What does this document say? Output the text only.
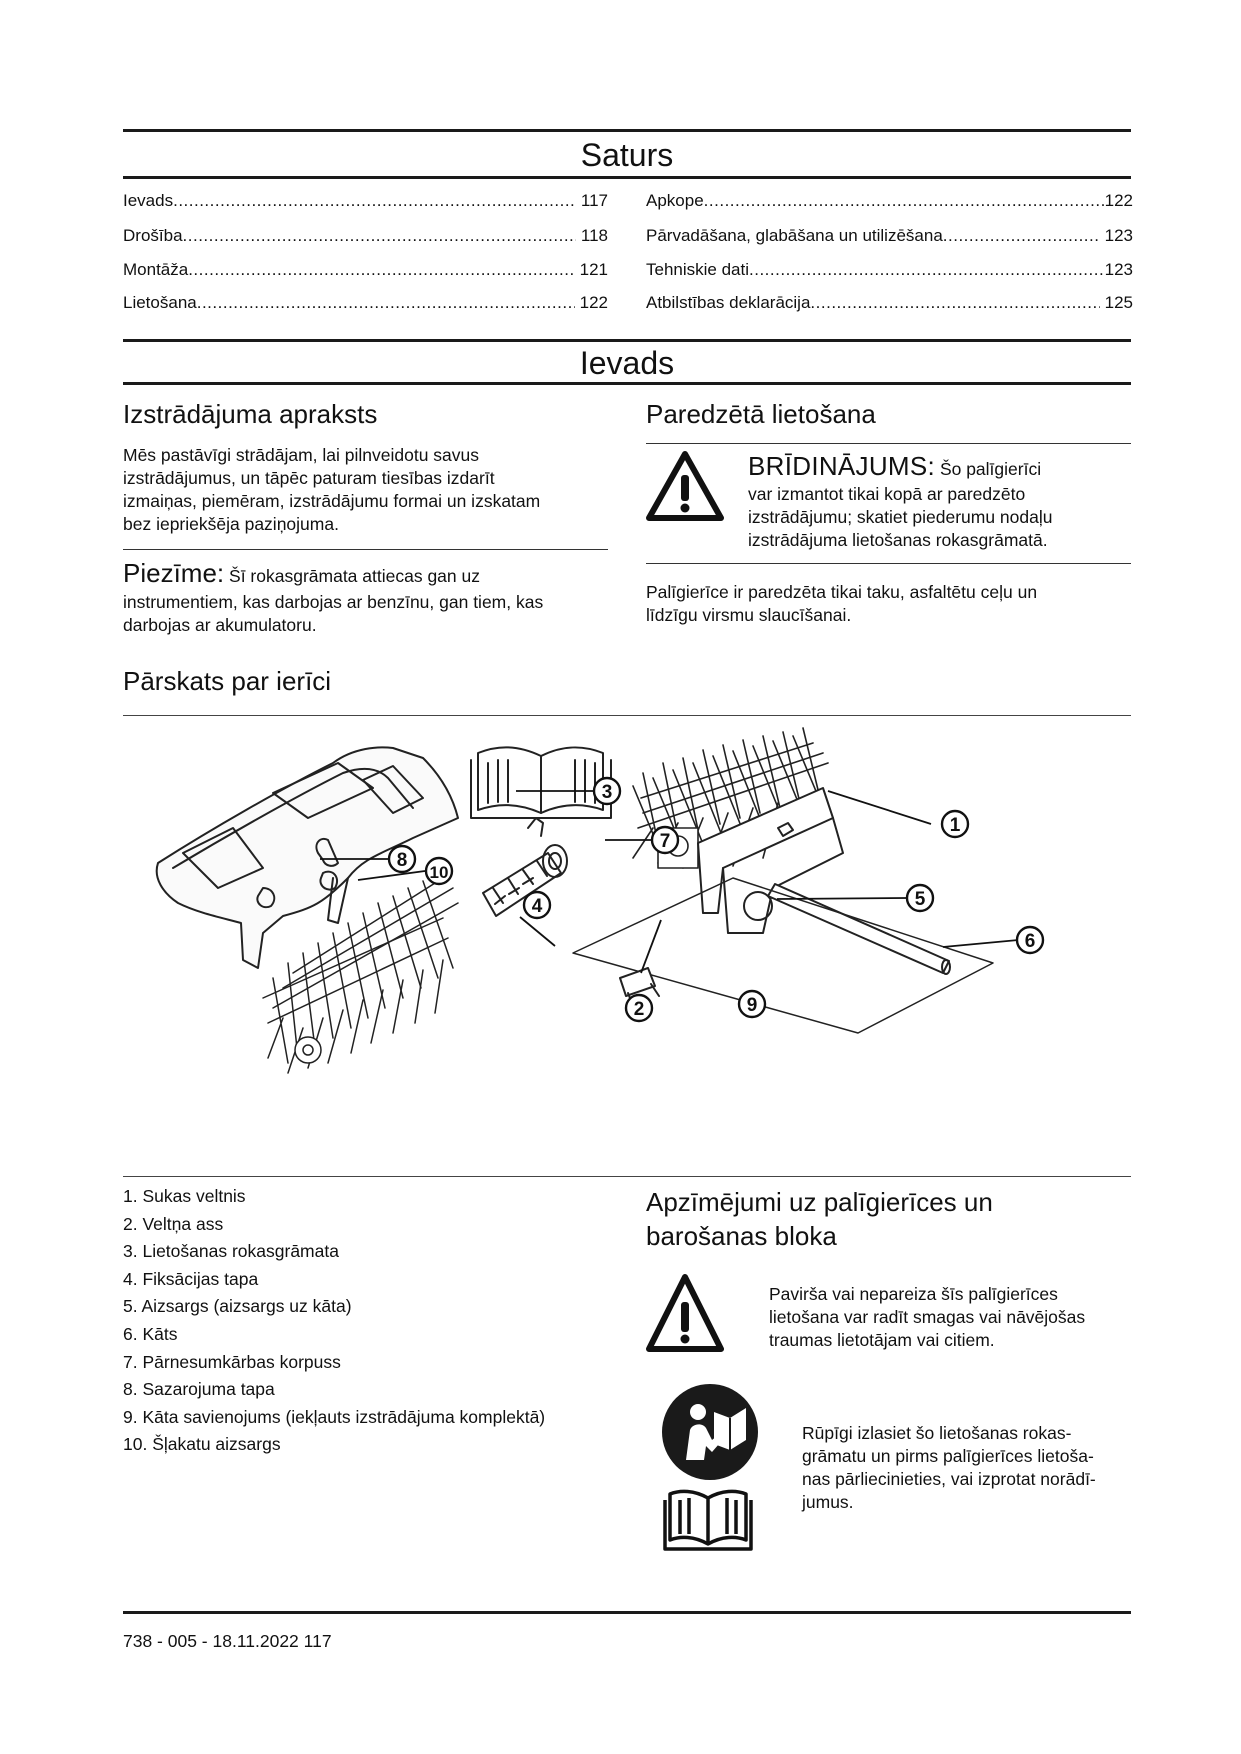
Saturs
Ievads .....	117
Drošība .....	118
Montāža .....	121
Lietošana .....	122
Apkope .....	122
Pārvadāšana, glabāšana un utilizēšana .....	123
Tehniskie dati .....	123
Atbilstības deklarācija .....	125
Ievads
Izstrādājuma apraksts
Mēs pastāvīgi strādājam, lai pilnveidotu savus
izstrādājumus, un tāpēc paturam tiesības izdarīt
izmaiņas, piemēram, izstrādājumu formai un izskatam
bez iepriekšēja paziņojuma.
Piezīme: Šī rokasgrāmata attiecas gan uz
instrumentiem, kas darbojas ar benzīnu, gan tiem, kas
darbojas ar akumulatoru.
Paredzētā lietošana
BRĪDINĀJUMS: Šo palīgierīci
var izmantot tikai kopā ar paredzēto
izstrādājumu; skatiet piederumu nodaļu
izstrādājuma lietošanas rokasgrāmatā.
Palīgierīce ir paredzēta tikai taku, asfaltētu ceļu un
līdzīgu virsmu slaucīšanai.
Pārskats par ierīci
3
1
7
5
6
10
8
4
2	9
1. Sukas veltnis
2. Veltņa ass
3. Lietošanas rokasgrāmata
4. Fiksācijas tapa
5. Aizsargs (aizsargs uz kāta)
6. Kāts
7. Pārnesumkārbas korpuss
8. Sazarojuma tapa
9. Kāta savienojums (iekļauts izstrādājuma komplektā)
10. Šļakatu aizsargs
Apzīmējumi uz palīgierīces un
barošanas bloka
Pavirša vai nepareiza šīs palīgierīces
lietošana var radīt smagas vai nāvējošas
traumas lietotājam vai citiem.
Rūpīgi izlasiet šo lietošanas rokas-
grāmatu un pirms palīgierīces lietoša-
nas pārliecinieties, vai izprotat norādī-
jumus.
738 - 005 - 18.11.2022 117
